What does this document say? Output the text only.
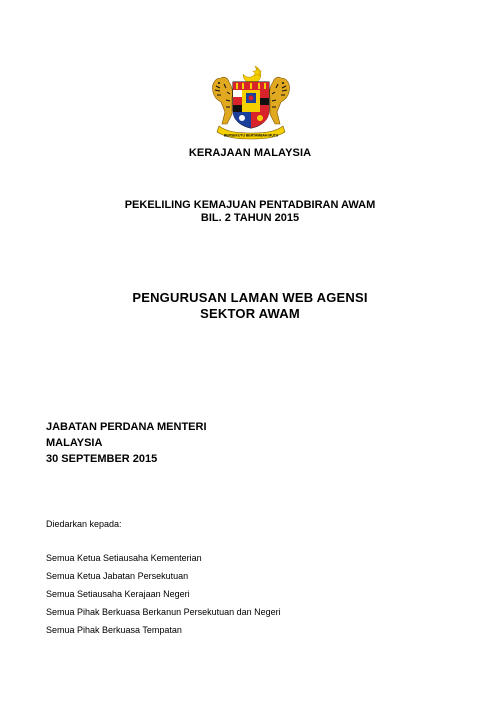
BERSEKUTU BERTAMBAH MUTU
KERAJAAN MALAYSIA
PEKELILING KEMAJUAN PENTADBIRAN AWAM
BIL. 2 TAHUN 2015
PENGURUSAN LAMAN WEB AGENSI
SEKTOR AWAM
JABATAN PERDANA MENTERI
MALAYSIA
30 SEPTEMBER 2015
Diedarkan kepada:
Semua Ketua Setiausaha Kementerian
Semua Ketua Jabatan Persekutuan
Semua Setiausaha Kerajaan Negeri
Semua Pihak Berkuasa Berkanun Persekutuan dan Negeri
Semua Pihak Berkuasa Tempatan
